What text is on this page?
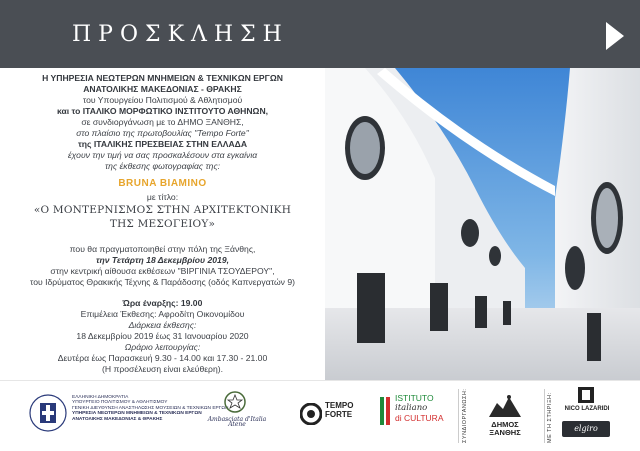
ΠΡΟΣΚΛΗΣΗ
Η ΥΠΗΡΕΣΙΑ ΝΕΩΤΕΡΩΝ ΜΝΗΜΕΙΩΝ & ΤΕΧΝΙΚΩΝ ΕΡΓΩΝ
ΑΝΑΤΟΛΙΚΗΣ ΜΑΚΕΔΟΝΙΑΣ - ΘΡΑΚΗΣ
του Υπουργείου Πολιτισμού & Αθλητισμού
και το ΙΤΑΛΙΚΟ ΜΟΡΦΩΤΙΚΟ ΙΝΣΤΙΤΟΥΤΟ ΑΘΗΝΩΝ,
σε συνδιοργάνωση με το ΔΗΜΟ ΞΑΝΘΗΣ,
στο πλαίσιο της πρωτοβουλίας "Tempo Forte"
της ΙΤΑΛΙΚΗΣ ΠΡΕΣΒΕΙΑΣ ΣΤΗΝ ΕΛΛΑΔΑ
έχουν την τιμή να σας προσκαλέσουν στα εγκαίνια
της έκθεσης φωτογραφίας της:
BRUNA BIAMINO
με τίτλο:
«Ο ΜΟΝΤΕΡΝΙΣΜΟΣ ΣΤΗΝ ΑΡΧΙΤΕΚΤΟΝΙΚΗ
ΤΗΣ ΜΕΣΟΓΕΙΟΥ»
που θα πραγματοποιηθεί στην πόλη της Ξάνθης,
την Τετάρτη 18 Δεκεμβρίου 2019,
στην κεντρική αίθουσα εκθέσεων "ΒΙΡΓΙΝΙΑ ΤΣΟΥΔΕΡΟΥ",
του Ιδρύματος Θρακικής Τέχνης & Παράδοσης (οδός Καπνεργατών 9)
Ώρα έναρξης: 19.00
Επιμέλεια Έκθεσης: Αφροδίτη Οικονομίδου
Διάρκεια έκθεσης:
18 Δεκεμβρίου 2019 έως 31 Ιανουαρίου 2020
Ωράριο λειτουργίας:
Δευτέρα έως Παρασκευή 9.30 - 14.00 και 17.30 - 21.00
(Η προσέλευση είναι ελεύθερη).
ΕΛΛΗΝΙΚΗ ΔΗΜΟΚΡΑΤΙΑ
ΥΠΟΥΡΓΕΙΟ ΠΟΛΙΤΙΣΜΟΥ & ΑΘΛΗΤΙΣΜΟΥ
ΓΕΝΙΚΗ ΔΙΕΥΘΥΝΣΗ ΑΝΑΣΤΗΛΩΣΗΣ ΜΟΥΣΕΙΩΝ & ΤΕΧΝΙΚΩΝ ΕΡΓΩΝ
ΥΠΗΡΕΣΙΑ ΝΕΩΤΕΡΩΝ ΜΝΗΜΕΙΩΝ & ΤΕΧΝΙΚΩΝ ΕΡΓΩΝ
ΑΝΑΤΟΛΙΚΗΣ ΜΑΚΕΔΟΝΙΑΣ & ΘΡΑΚΗΣ	Ambasciata d'Italia
Atene
TEMPO
FORTE
ISTITUTO
italiano
di CULTURA	ΣΥΝΔΙΟΡΓΑΝΩΣΗ:	ΔΗΜΟΣ
ΞΑΝΘΗΣ	ΜΕ ΤΗ ΣΤΗΡΙΞΗ:	NICO LAZARIDI
elgiro
